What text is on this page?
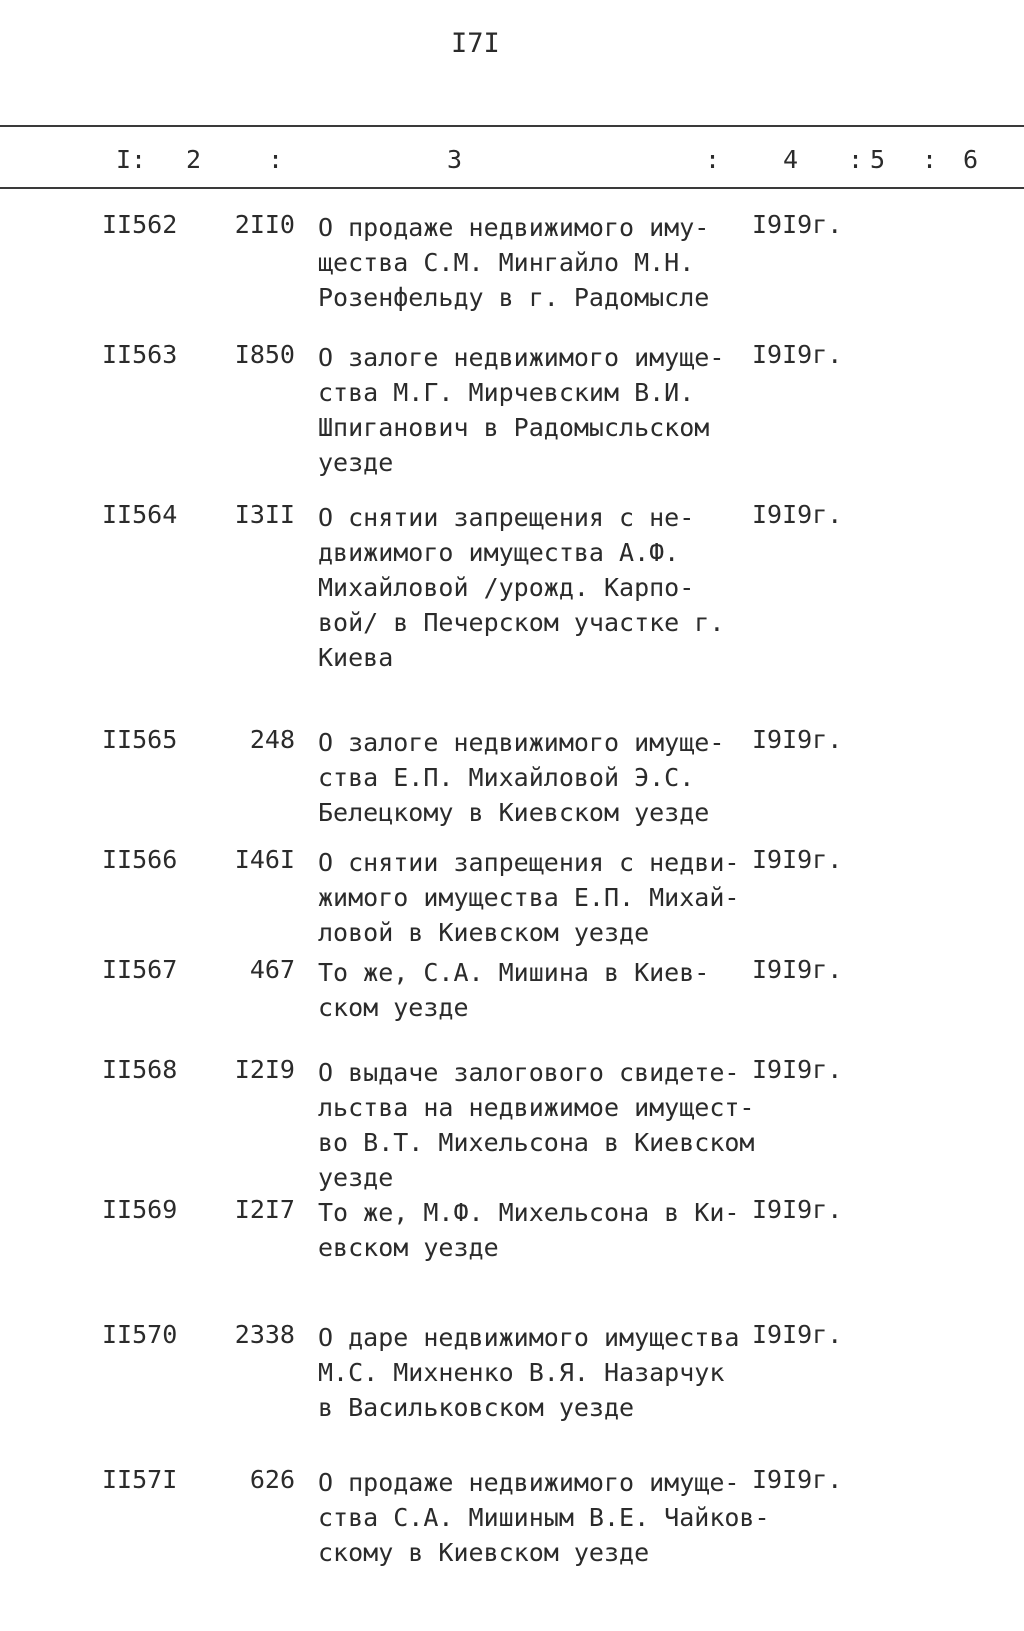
I7I
I: 2	:	3	:	4 : 5 : 6
II562	2II0 О продаже недвижимого иму-
щества С.М. Мингайло М.Н.
Розенфельду в г. Радомысле
I9I9г.
II563	I850 О залоге недвижимого имуще-
ства М.Г. Мирчевским В.И.
Шпиганович в Радомысльском
уезде
I9I9г.
II564	I3II О снятии запрещения с не-
движимого имущества А.Ф.
Михайловой /урожд. Карпо-
вой/ в Печерском участке г.
Киева
I9I9г.
II565	248 О залоге недвижимого имуще-
ства Е.П. Михайловой Э.С.
Белецкому в Киевском уезде
I9I9г.
II566	I46I О снятии запрещения с недви-
жимого имущества Е.П. Михай-
ловой в Киевском уезде
I9I9г.
II567	467 То же, С.А. Мишина в Киев-
ском уезде
I9I9г.
II568	I2I9 О выдаче залогового свидете-
льства на недвижимое имущест-
во В.Т. Михельсона в Киевском
уезде
I9I9г.
II569	I2I7 То же, М.Ф. Михельсона в Ки-
евском уезде
I9I9г.
II570	2338 О даре недвижимого имущества
М.С. Михненко В.Я. Назарчук
в Васильковском уезде
I9I9г.
II57I	626 О продаже недвижимого имуще-
ства С.А. Мишиным В.Е. Чайков-
скому в Киевском уезде
I9I9г.
